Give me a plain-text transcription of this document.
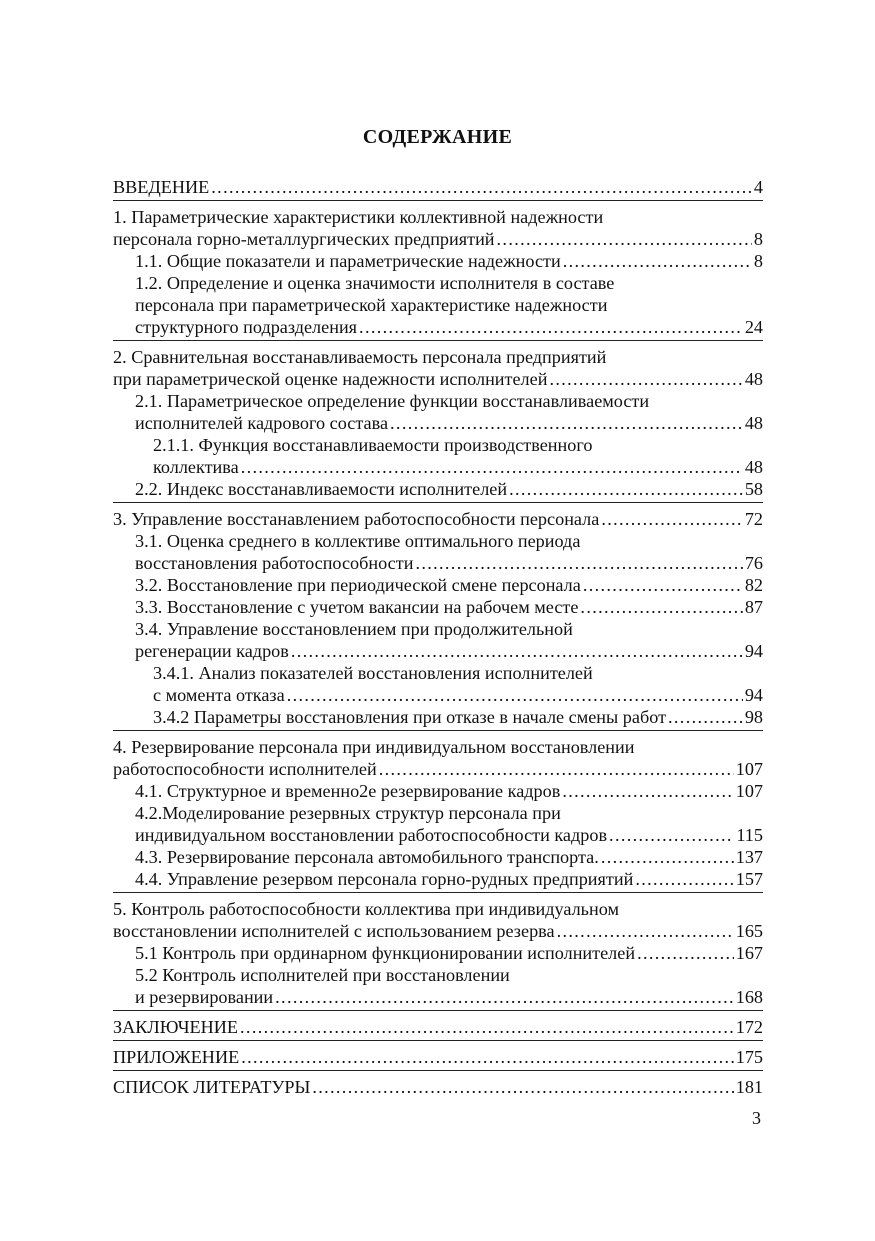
СОДЕРЖАНИЕ
ВВЕДЕНИЕ . . .	4
1. Параметрические характеристики коллективной надежности
персонала горно-металлургических предприятий . . .	8
1.1. Общие показатели и параметрические надежности . . .	8
1.2. Определение и оценка значимости исполнителя в составе
персонала при параметрической характеристике надежности
структурного подразделения . . .	24
2. Сравнительная восстанавливаемость персонала предприятий
при параметрической оценке надежности исполнителей . . .	48
2.1. Параметрическое определение функции восстанавливаемости
исполнителей кадрового состава . . .	48
2.1.1. Функция восстанавливаемости производственного
коллектива . . .	48
2.2. Индекс восстанавливаемости исполнителей . . .	58
3. Управление восстанавлением работоспособности персонала . . .	72
3.1. Оценка среднего в коллективе оптимального периода
восстановления работоспособности . . .	76
3.2. Восстановление при периодической смене персонала . . .	82
3.3. Восстановление с учетом вакансии на рабочем месте . . .	87
3.4. Управление восстановлением при продолжительной
регенерации кадров . . .	94
3.4.1. Анализ показателей восстановления исполнителей
с момента отказа . . .	94
3.4.2 Параметры восстановления при отказе в начале смены работ . . .	98
4. Резервирование персонала при индивидуальном восстановлении
работоспособности исполнителей . . .	107
4.1. Структурное и временно2е резервирование кадров . . .	107
4.2.Моделирование резервных структур персонала при
индивидуальном восстановлении работоспособности кадров . . .	115
4.3. Резервирование персонала автомобильного транспорта. . . .	137
4.4. Управление резервом персонала горно-рудных предприятий . . .	157
5. Контроль работоспособности коллектива при индивидуальном
восстановлении исполнителей с использованием резерва . . .	165
5.1 Контроль при ординарном функционировании исполнителей . . .	167
5.2 Контроль исполнителей при восстановлении
и резервировании . . .	168
ЗАКЛЮЧЕНИЕ . . .	172
ПРИЛОЖЕНИЕ . . .	175
СПИСОК ЛИТЕРАТУРЫ . . .	181
3
